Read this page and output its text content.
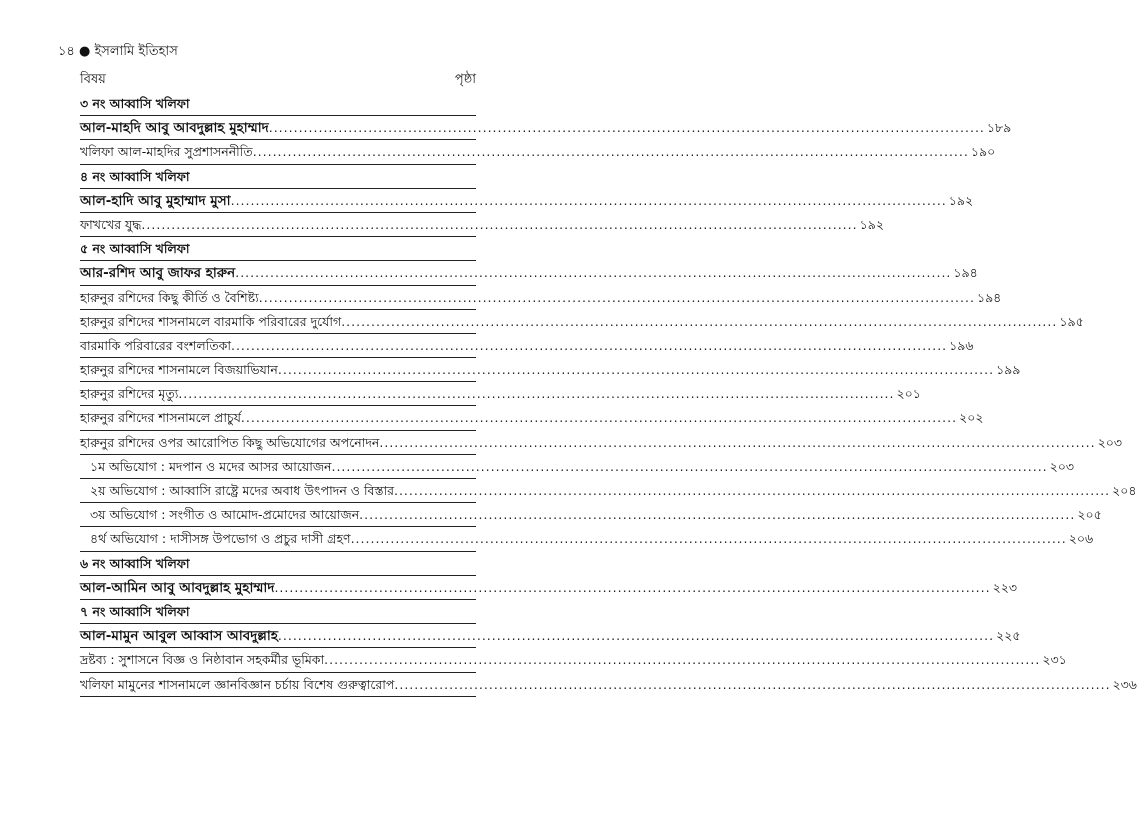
১৪ ● ইসলামি ইতিহাস
বিষয়	পৃষ্ঠা
৩ নং আব্বাসি খলিফা
আল-মাহদি আবু আবদুল্লাহ মুহাম্মাদ .....	১৮৯
খলিফা আল-মাহদির সুপ্রশাসননীতি .....	১৯০
৪ নং আব্বাসি খলিফা
আল-হাদি আবু মুহাম্মাদ মুসা .....	১৯২
ফাখখের যুদ্ধ .....	১৯২
৫ নং আব্বাসি খলিফা
আর-রশিদ আবু জাফর হারুন .....	১৯৪
হারুনুর রশিদের কিছু কীর্তি ও বৈশিষ্ট্য .....	১৯৪
হারুনুর রশিদের শাসনামলে বারমাকি পরিবারের দুর্যোগ .....	১৯৫
বারমাকি পরিবারের বংশলতিকা .....	১৯৬
হারুনুর রশিদের শাসনামলে বিজয়াভিযান .....	১৯৯
হারুনুর রশিদের মৃত্যু .....	২০১
হারুনুর রশিদের শাসনামলে প্রাচুর্য .....	২০২
হারুনুর রশিদের ওপর আরোপিত কিছু অভিযোগের অপনোদন .....	২০৩
১ম অভিযোগ : মদপান ও মদের আসর আয়োজন .....	২০৩
২য় অভিযোগ : আব্বাসি রাষ্ট্রে মদের অবাধ উৎপাদন ও বিস্তার .....	২০৪
৩য় অভিযোগ : সংগীত ও আমোদ-প্রমোদের আয়োজন .....	২০৫
৪র্থ অভিযোগ : দাসীসঙ্গ উপভোগ ও প্রচুর দাসী গ্রহণ .....	২০৬
৬ নং আব্বাসি খলিফা
আল-আমিন আবু আবদুল্লাহ মুহাম্মাদ .....	২২৩
৭ নং আব্বাসি খলিফা
আল-মামুন আবুল আব্বাস আবদুল্লাহ .....	২২৫
দ্রষ্টব্য : সুশাসনে বিজ্ঞ ও নিষ্ঠাবান সহকর্মীর ভূমিকা .....	২৩১
খলিফা মামুনের শাসনামলে জ্ঞানবিজ্ঞান চর্চায় বিশেষ গুরুত্বারোপ .....	২৩৬
